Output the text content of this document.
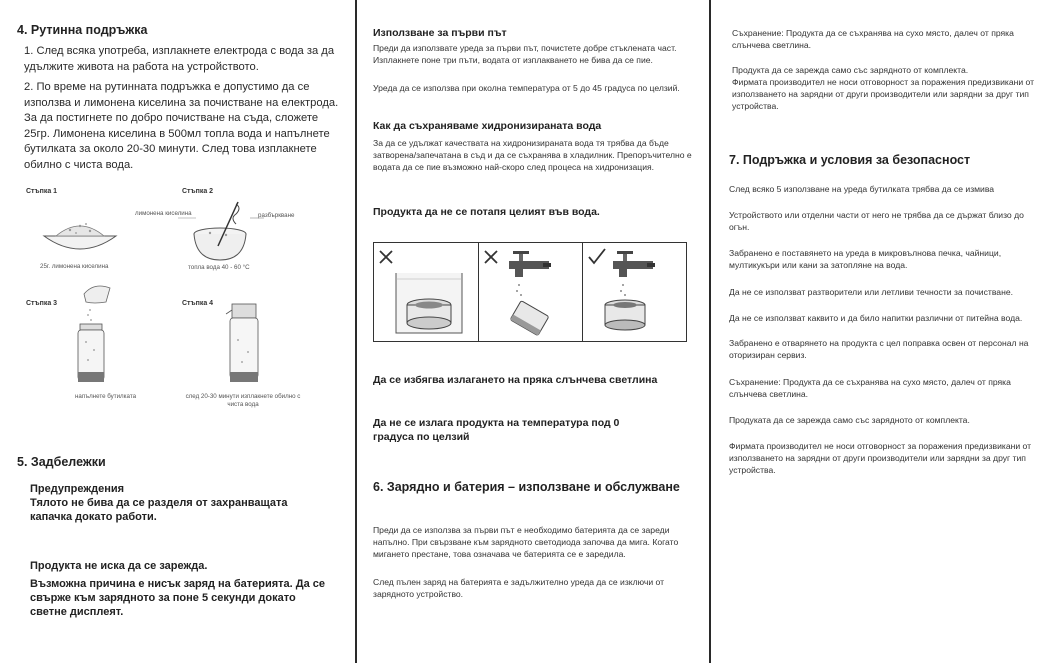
4. Рутинна подръжка
1. След всяка употреба, изплакнете електрода с вода за да удължите живота на работа на устройството.
2. По време на рутинната подръжка е допустимо да се използва и лимонена киселина за почистване на електрода. За да постигнете по добро почистване на съда, сложете 25гр. Лимонена киселина в 500мл топла вода и напълнете бутилката за около 20-30 минути. След това изплакнете обилно с чиста вода.
Стъпка 1
25г. лимонена киселина
Стъпка 2
лимонена киселина	разбъркване
топла вода 40 - 60 °С
Стъпка 3
напълнете бутилката
Стъпка 4
след 20-30 минути изплакнете обилно с чиста вода
5. Задбележки
Предупреждения
Тялото не бива да се разделя от захранващата капачка докато работи.
Продукта не иска да се зарежда.
Възможна причина е нисък заряд на батерията. Да се свърже към зарядното за поне 5 секунди докато светне дисплеят.
Използване за първи път
Преди да използвате уреда за първи път, почистете добре стъклената част. Изплакнете поне три пъти, водата от изплакването не бива да се пие.
Уреда да се използва при околна температура от 5 до 45 градуса по целзий.
Как да съхраняваме хидронизираната вода
За да се удължат качествата на хидронизираната вода тя трябва да бъде затворена/запечатана в съд и да се съхранява в хладилник. Препоръчително е водата да се пие възможно най-скоро след процеса на хидронизация.
Продукта да не се потапя целият във вода.
Да се избягва излагането на пряка слънчева светлина
Да не се излага продукта на температура под 0 градуса по целзий
6. Зарядно и батерия – използване и обслужване
Преди да се използва за първи път е необходимо батерията да се зареди напълно. При свързване към зарядното светодиода започва да мига. Когато мигането престане, това означава че батерията се е заредила.
След пълен заряд на батерията е задължително уреда да се изключи от зарядното устройство.
Съхранение: Продукта да се съхранява на сухо място, далеч от пряка слънчева светлина.
Продукта да се зарежда само със зарядното от комплекта.
Фирмата производител не носи отговорност за поражения предизвикани от използването на зарядни от други производители или зарядни за друг тип устройства.
7. Подръжка и условия за безопасност
След всяко 5 използване на уреда бутилката трябва да се измива
Устройството или отделни части от него не трябва да се държат близо до огън.
Забранено е поставянето на уреда в микровълнова печка, чайници, мултикукъри или кани за затопляне на вода.
Да не се използват разтворители или летливи течности за почистване.
Да не се използват каквито и да било напитки различни от питейна вода.
Забранено е отварянето на продукта с цел поправка освен от персонал на оторизиран сервиз.
Съхранение: Продукта да се съхранява на сухо място, далеч от пряка слънчева светлина.
Продуката да се зарежда само със зарядното от комплекта.
Фирмата производител не носи отговорност за поражения предизвикани от използването на зарядни от други производители или зарядни за друг тип устройства.
